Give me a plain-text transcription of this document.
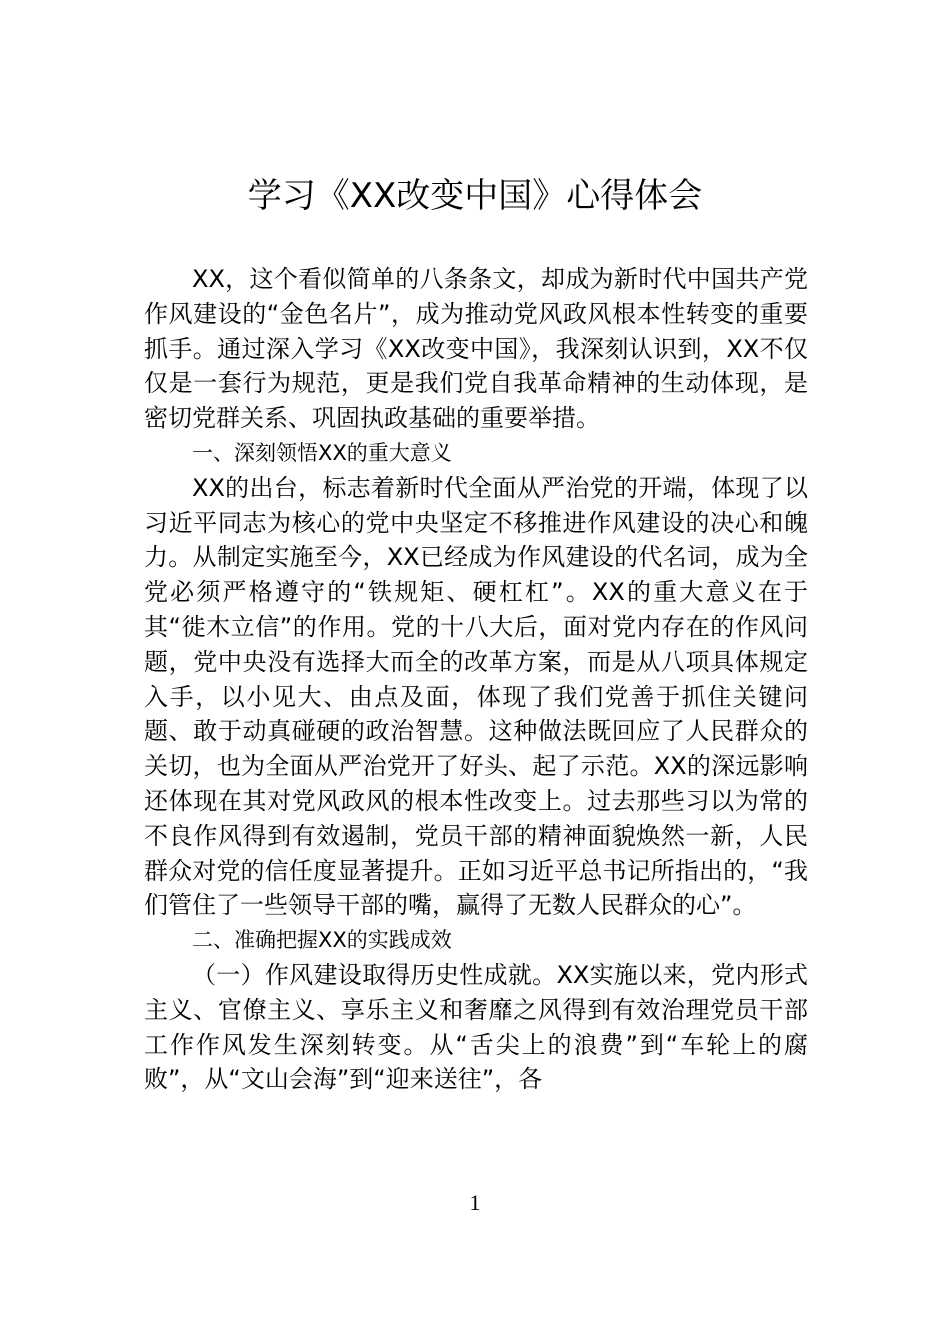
学习《XX改变中国》心得体会

XX，这个看似简单的八条条文，却成为新时代中国共产党作风建设的“金色名片”，成为推动党风政风根本性转变的重要抓手。通过深入学习《XX改变中国》，我深刻认识到，XX不仅仅是一套行为规范，更是我们党自我革命精神的生动体现，是密切党群关系、巩固执政基础的重要举措。

一、深刻领悟XX的重大意义

XX的出台，标志着新时代全面从严治党的开端，体现了以习近平同志为核心的党中央坚定不移推进作风建设的决心和魄力。从制定实施至今，XX已经成为作风建设的代名词，成为全党必须严格遵守的“铁规矩、硬杠杠”。XX的重大意义在于其“徙木立信”的作用。党的十八大后，面对党内存在的作风问题，党中央没有选择大而全的改革方案，而是从八项具体规定入手，以小见大、由点及面，体现了我们党善于抓住关键问题、敢于动真碰硬的政治智慧。这种做法既回应了人民群众的关切，也为全面从严治党开了好头、起了示范。XX的深远影响还体现在其对党风政风的根本性改变上。过去那些习以为常的不良作风得到有效遏制，党员干部的精神面貌焕然一新，人民群众对党的信任度显著提升。正如习近平总书记所指出的，“我们管住了一些领导干部的嘴，赢得了无数人民群众的心”。

二、准确把握XX的实践成效

（一）作风建设取得历史性成就。XX实施以来，党内形式主义、官僚主义、享乐主义和奢靡之风得到有效治理党员干部工作作风发生深刻转变。从“舌尖上的浪费”到“车轮上的腐败”，从“文山会海”到“迎来送往”，各

1
